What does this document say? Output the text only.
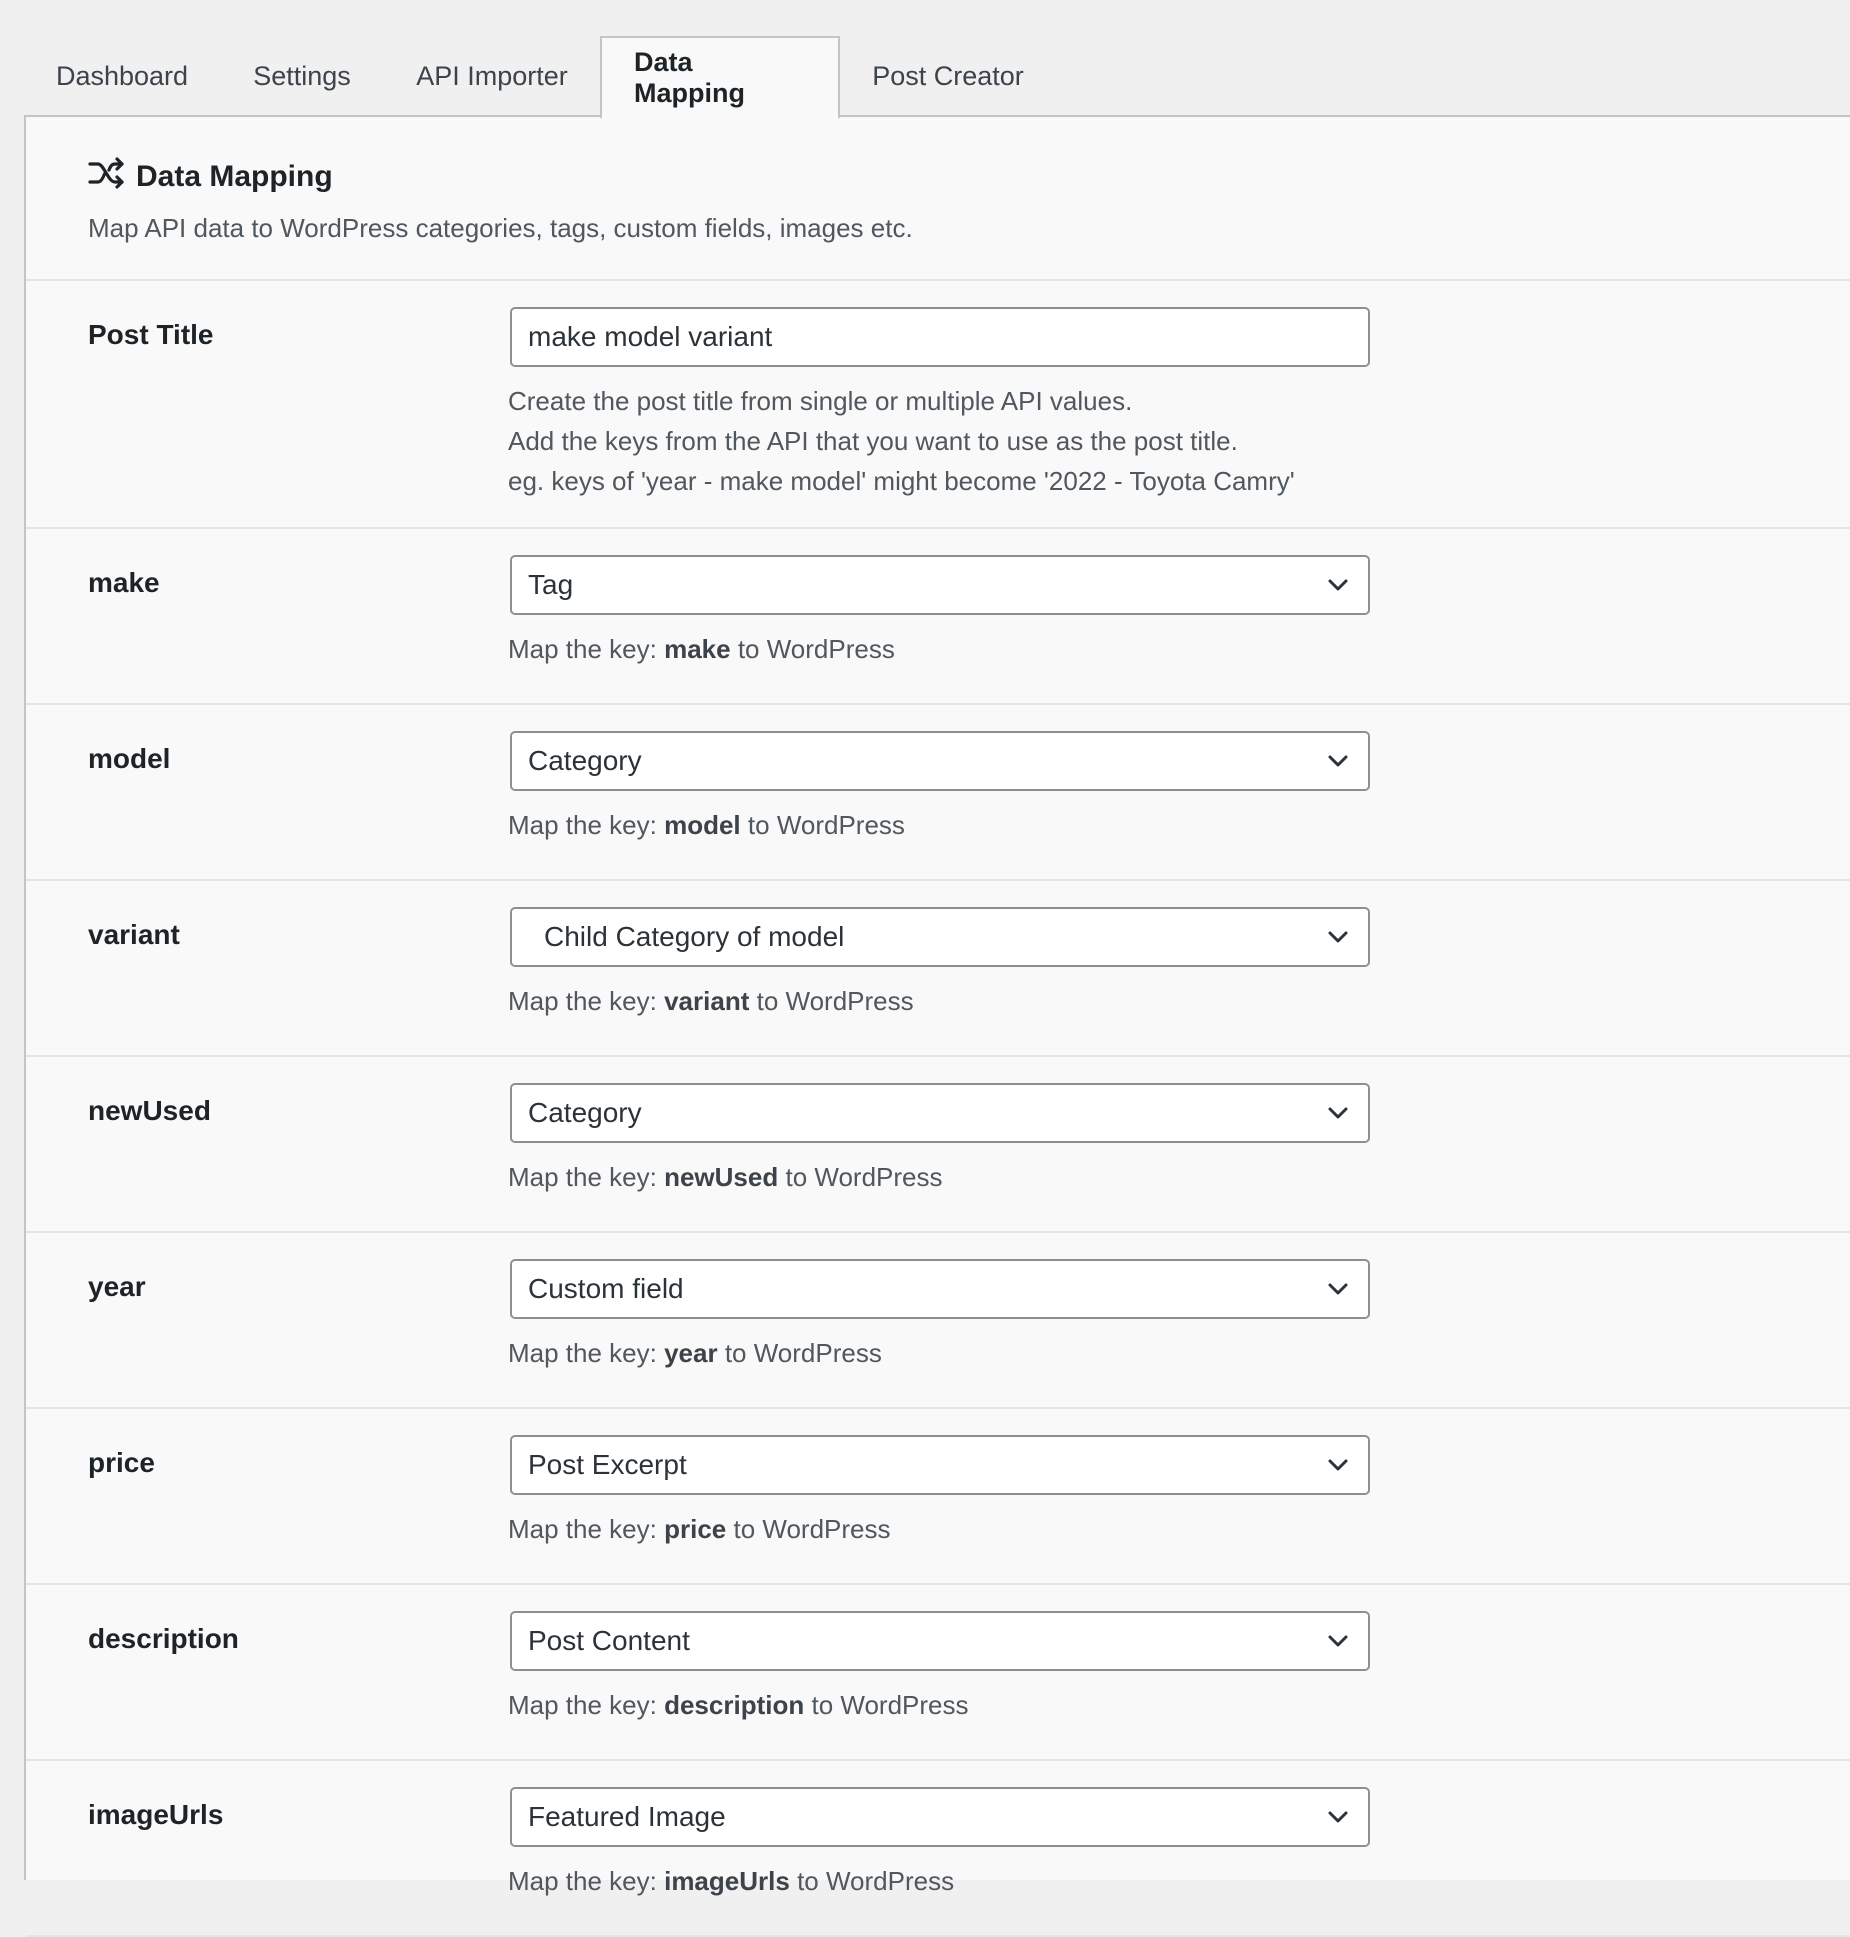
Dashboard	Settings	API Importer	Data Mapping
Post Creator
Data Mapping
Map API data to WordPress categories, tags, custom fields, images etc.
Post Title	make model variant
Create the post title from single or multiple API values.
Add the keys from the API that you want to use as the post title.
eg. keys of 'year - make model' might become '2022 - Toyota Camry'
make	Tag
Map the key: make to WordPress
model	Category
Map the key: model to WordPress
variant	Child Category of model
Map the key: variant to WordPress
newUsed	Category
Map the key: newUsed to WordPress
year	Custom field
Map the key: year to WordPress
price	Post Excerpt
Map the key: price to WordPress
description	Post Content
Map the key: description to WordPress
imageUrls	Featured Image
Map the key: imageUrls to WordPress
